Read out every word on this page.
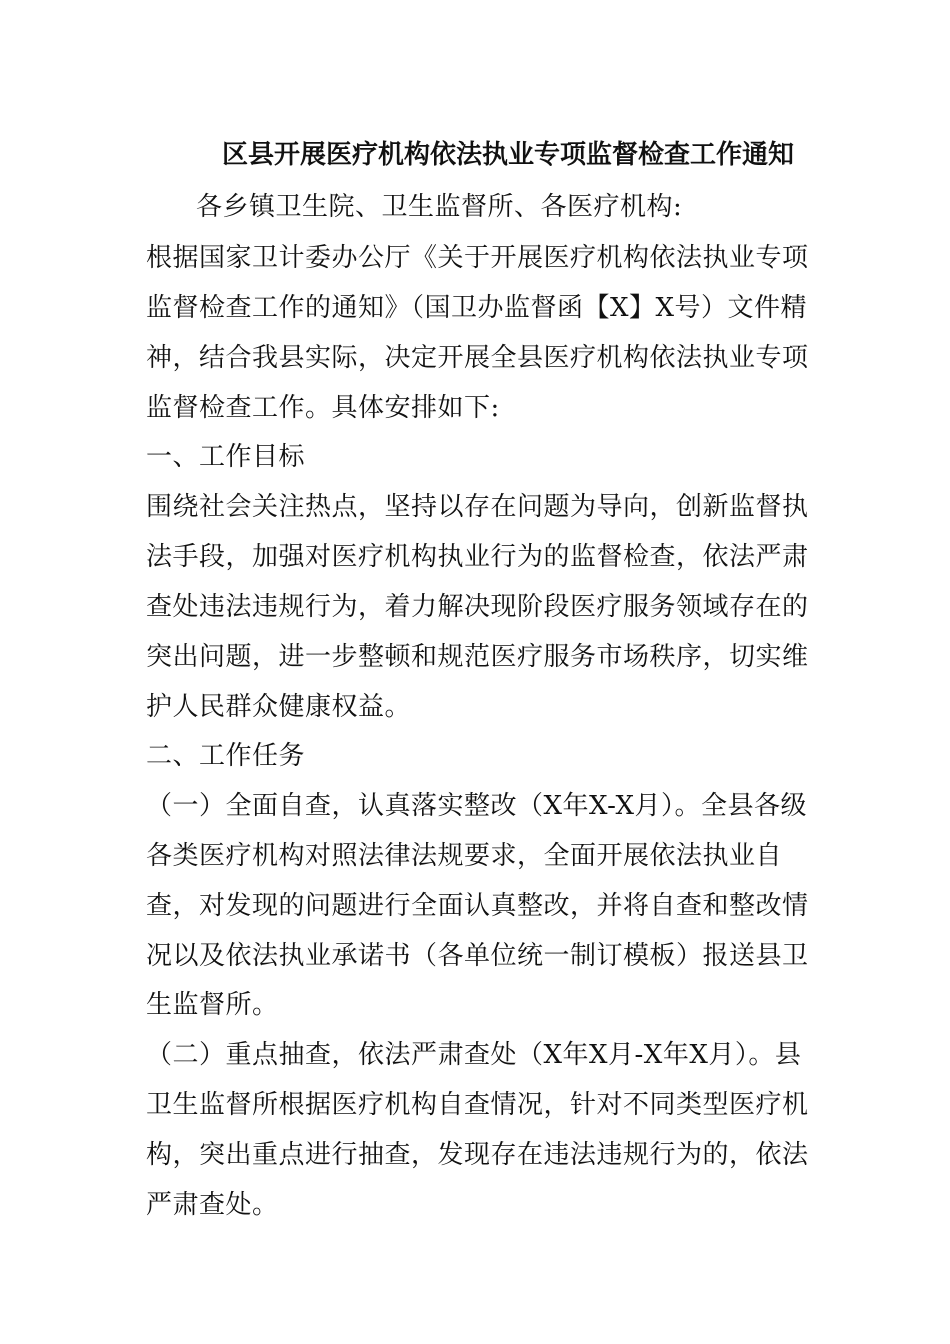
区县开展医疗机构依法执业专项监督检查工作通知
各乡镇卫生院、卫生监督所、各医疗机构:
根据国家卫计委办公厅《关于开展医疗机构依法执业专项
监督检查工作的通知》（国卫办监督函【X】X号）文件精
神，结合我县实际，决定开展全县医疗机构依法执业专项
监督检查工作。具体安排如下:
一、工作目标
围绕社会关注热点，坚持以存在问题为导向，创新监督执
法手段，加强对医疗机构执业行为的监督检查，依法严肃
查处违法违规行为，着力解决现阶段医疗服务领域存在的
突出问题，进一步整顿和规范医疗服务市场秩序，切实维
护人民群众健康权益。
二、工作任务
（一）全面自查，认真落实整改（X年X-X月）。全县各级
各类医疗机构对照法律法规要求，全面开展依法执业自
查，对发现的问题进行全面认真整改，并将自查和整改情
况以及依法执业承诺书（各单位统一制订模板）报送县卫
生监督所。
（二）重点抽查，依法严肃查处（X年X月-X年X月）。县
卫生监督所根据医疗机构自查情况，针对不同类型医疗机
构，突出重点进行抽查，发现存在违法违规行为的，依法
严肃查处。
